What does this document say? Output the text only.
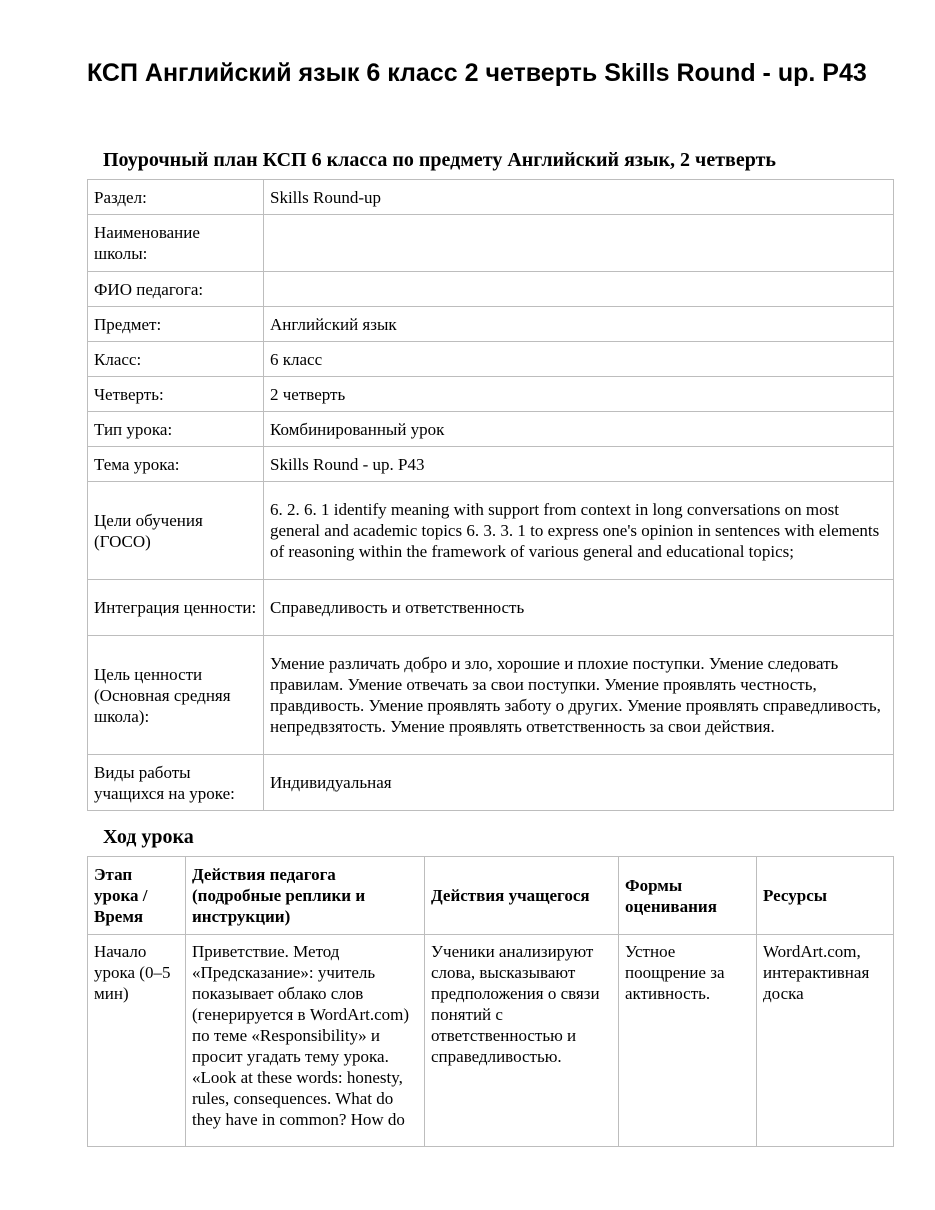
КСП Английский язык 6 класс 2 четверть Skills Round - up. P43
Поурочный план КСП 6 класса по предмету Английский язык, 2 четверть
Раздел:	Skills Round-up
Наименование школы:	
ФИО педагога:	
Предмет:	Английский язык
Класс:	6 класс
Четверть:	2 четверть
Тип урока:	Комбинированный урок
Тема урока:	Skills Round - up. P43
Цели обучения (ГОСО)	6. 2. 6. 1 identify meaning with support from context in long conversations on most general and academic topics 6. 3. 3. 1 to express one's opinion in sentences with elements of reasoning within the framework of various general and educational topics;
Интеграция ценности:	Справедливость и ответственность
Цель ценности (Основная средняя школа):	Умение различать добро и зло, хорошие и плохие поступки. Умение следовать правилам. Умение отвечать за свои поступки. Умение проявлять честность, правдивость. Умение проявлять заботу о других. Умение проявлять справедливость, непредвзятость. Умение проявлять ответственность за свои действия.
Виды работы учащихся на уроке:	Индивидуальная
Ход урока
Этап урока / Время	Действия педагога (подробные реплики и инструкции)	Действия учащегося	Формы оценивания	Ресурсы
Начало урока (0–5 мин)	Приветствие. Метод «Предсказание»: учитель показывает облако слов (генерируется в WordArt.com) по теме «Responsibility» и просит угадать тему урока. «Look at these words: honesty, rules, consequences. What do they have in common? How do	Ученики анализируют слова, высказывают предположения о связи понятий с ответственностью и справедливостью.	Устное поощрение за активность.	WordArt.com, интерактивная доска
